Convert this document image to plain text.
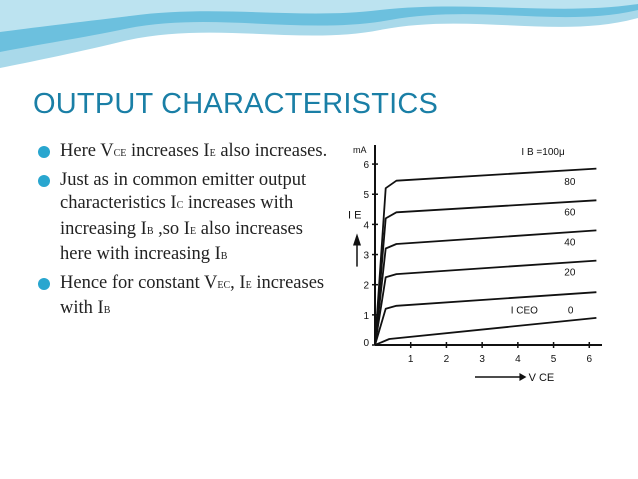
OUTPUT CHARACTERISTICS
Here VCE increases IE also increases.
Just as in common emitter output characteristics IC increases with increasing IB ,so IE also increases here with increasing IB
Hence for constant VEC, IE increases with IB
0
1
2
3
4
5
6
1	2	3	4	5	6
mA
I E
V CE
I B =100μ
80
60
40
20
I CEO	0
